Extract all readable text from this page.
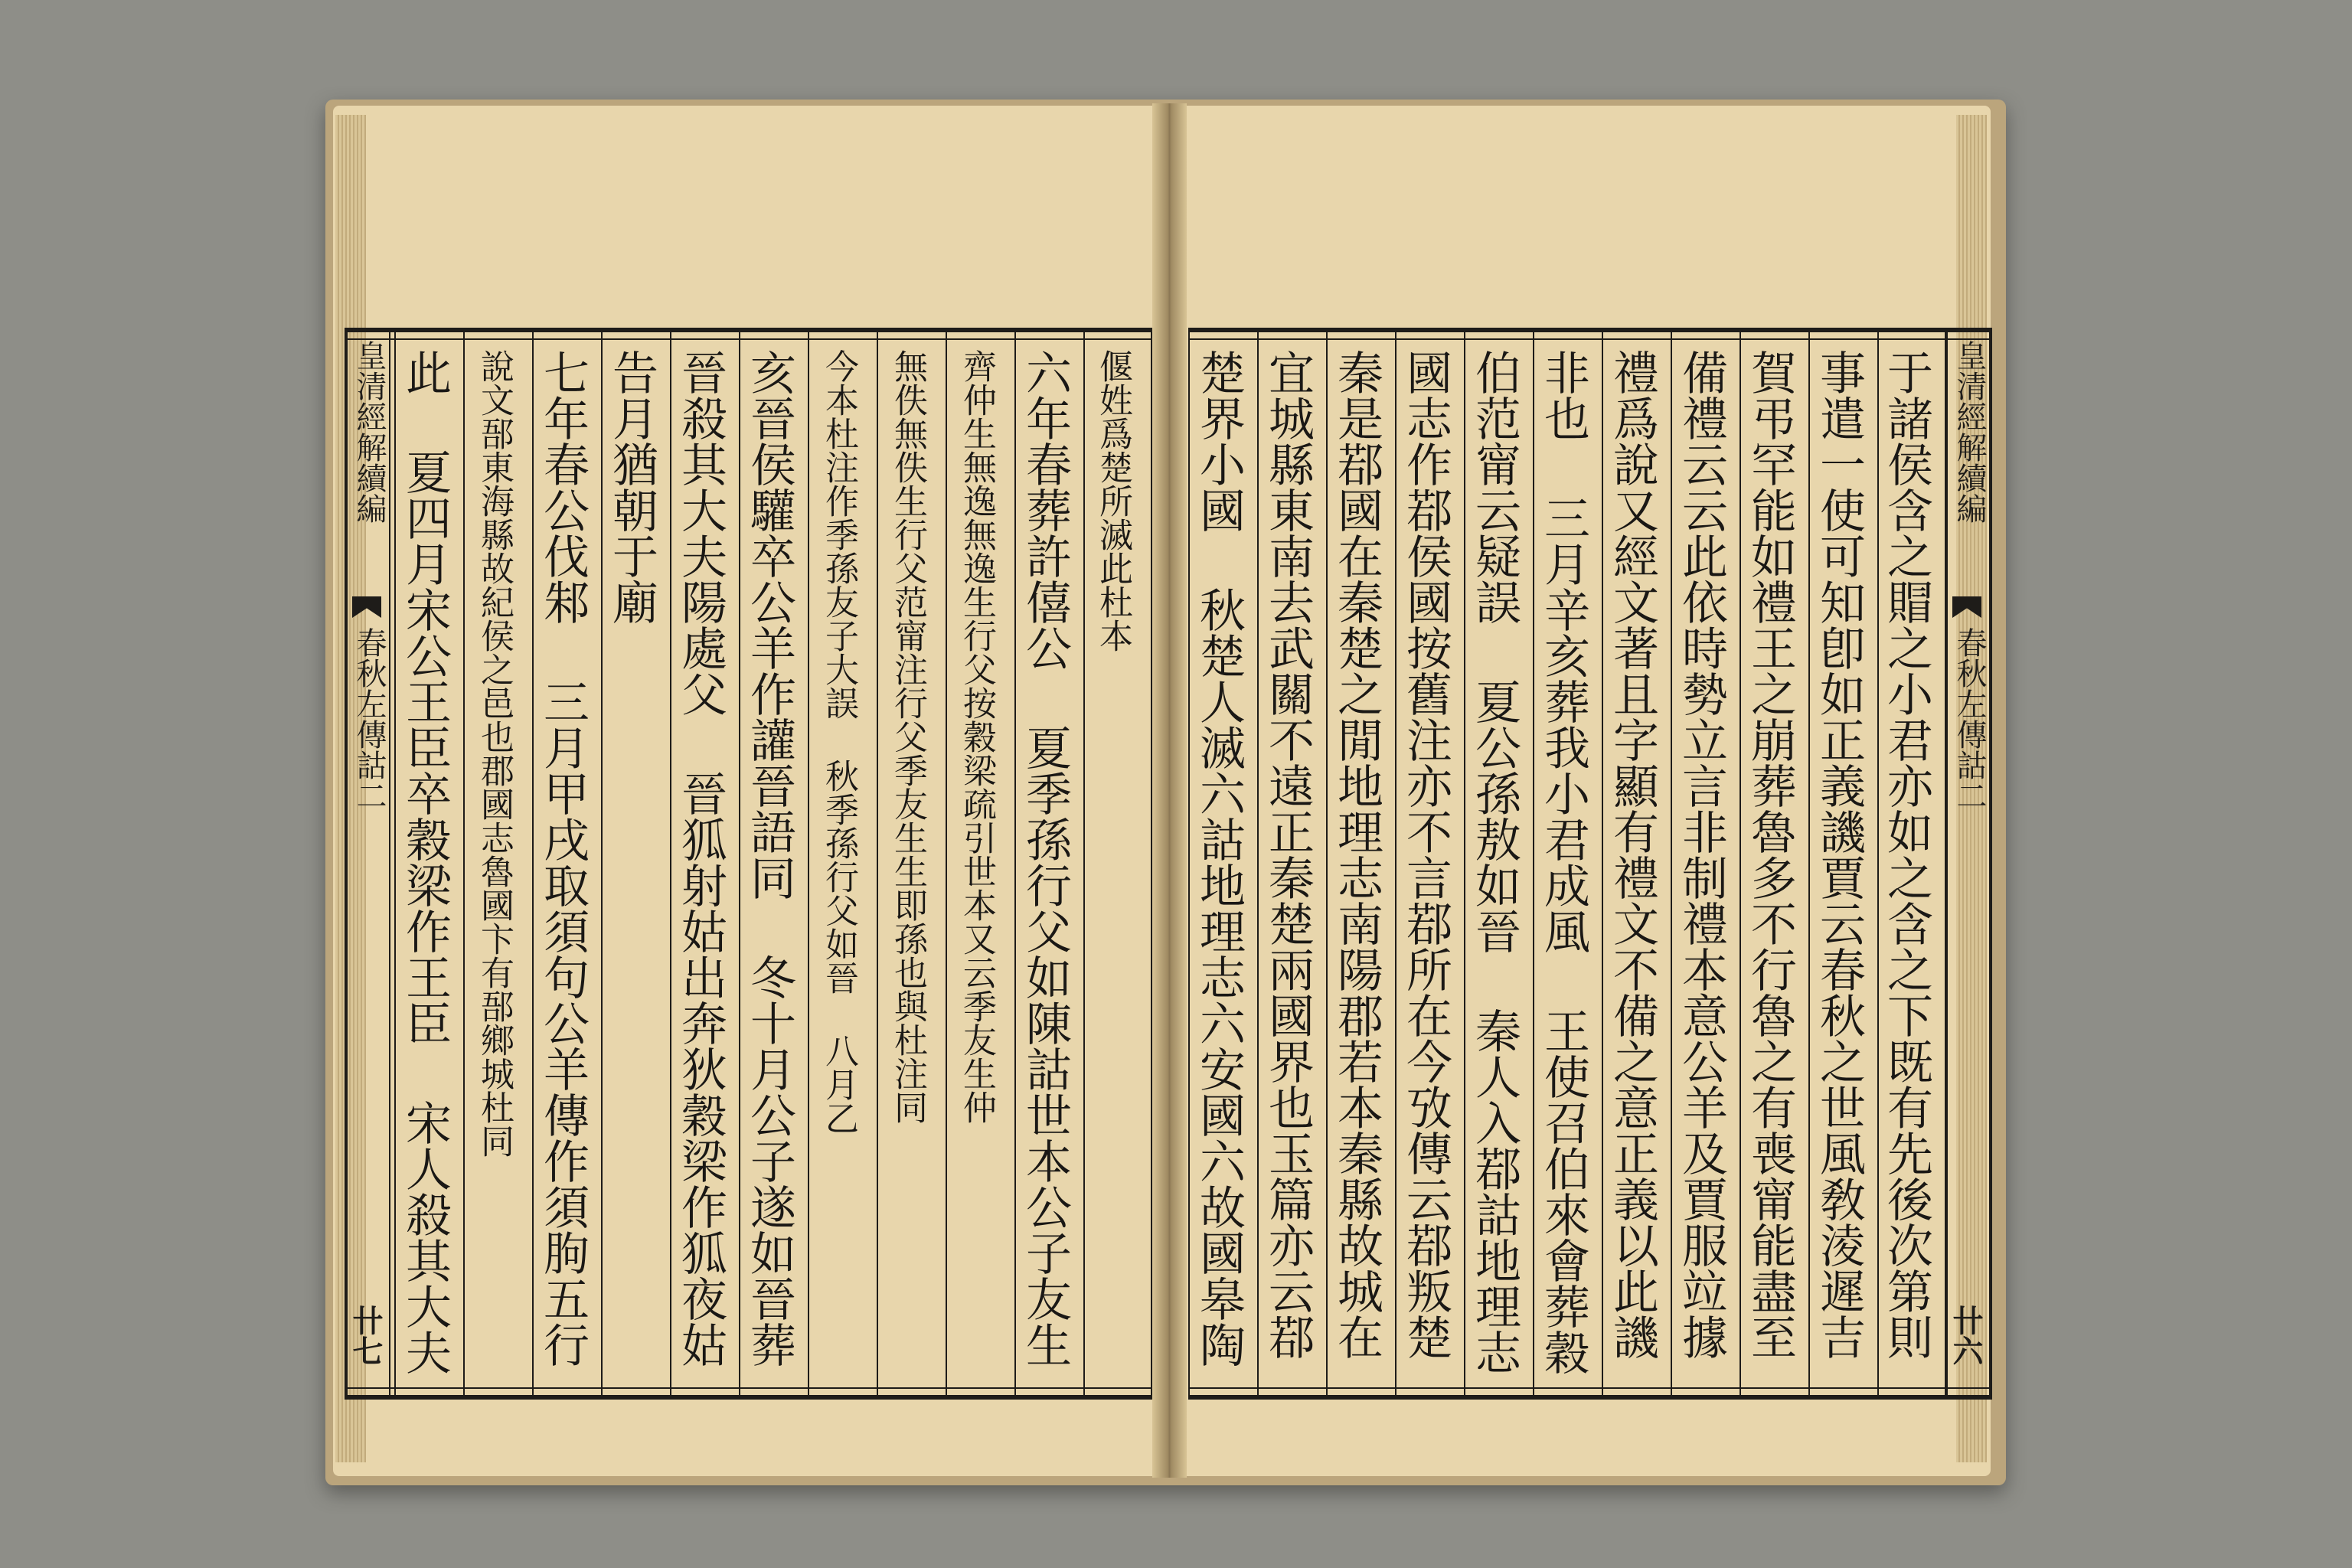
皇清經解續編
春秋左傳詁二
卄七
偃姓爲楚所滅此杜本
六年春葬許僖公 夏季孫行父如陳詁世本公子友生
齊仲生無逸無逸生行父按穀梁疏引世本又云季友生仲
無佚無佚生行父范甯注行父季友生生即孫也與杜注同
今本杜注作季孫友子大誤 秋季孫行父如晉 八月乙
亥晉侯驩卒公羊作讙晉語同 冬十月公子遂如晉葬
晉殺其大夫陽處父 晉狐射姑出奔狄穀梁作狐夜姑 閏月不
告月猶朝于廟
七年春公伐邾 三月甲戌取須句公羊傳作須朐五行 遂城郚詁
說文郚東海縣故紀侯之邑也郡國志魯國卞有郚鄉城杜同
此 夏四月宋公王臣卒穀梁作王臣 宋人殺其大夫 戊子	于諸侯含之賵之小君亦如之含之下既有先後次第則
事遣一使可知卽如正義譏賈云春秋之世風敎淩遲吉
賀弔罕能如禮王之崩葬魯多不行魯之有喪甯能盡至
備禮云云此依時勢立言非制禮本意公羊及賈服竝據
禮爲說又經文著且字顯有禮文不備之意正義以此譏
非也 三月辛亥葬我小君成風 王使召伯來會葬穀
伯范甯云疑誤 夏公孫敖如晉 秦人入鄀詁地理志
國志作鄀侯國按舊注亦不言鄀所在今攷傳云鄀叛楚
秦是鄀國在秦楚之閒地理志南陽郡若本秦縣故城在
宜城縣東南去武關不遠正秦楚兩國界也玉篇亦云鄀
楚界小國 秋楚人滅六詁地理志六安國六故國皋陶
皇清經解續編
春秋左傳詁二
卄六
